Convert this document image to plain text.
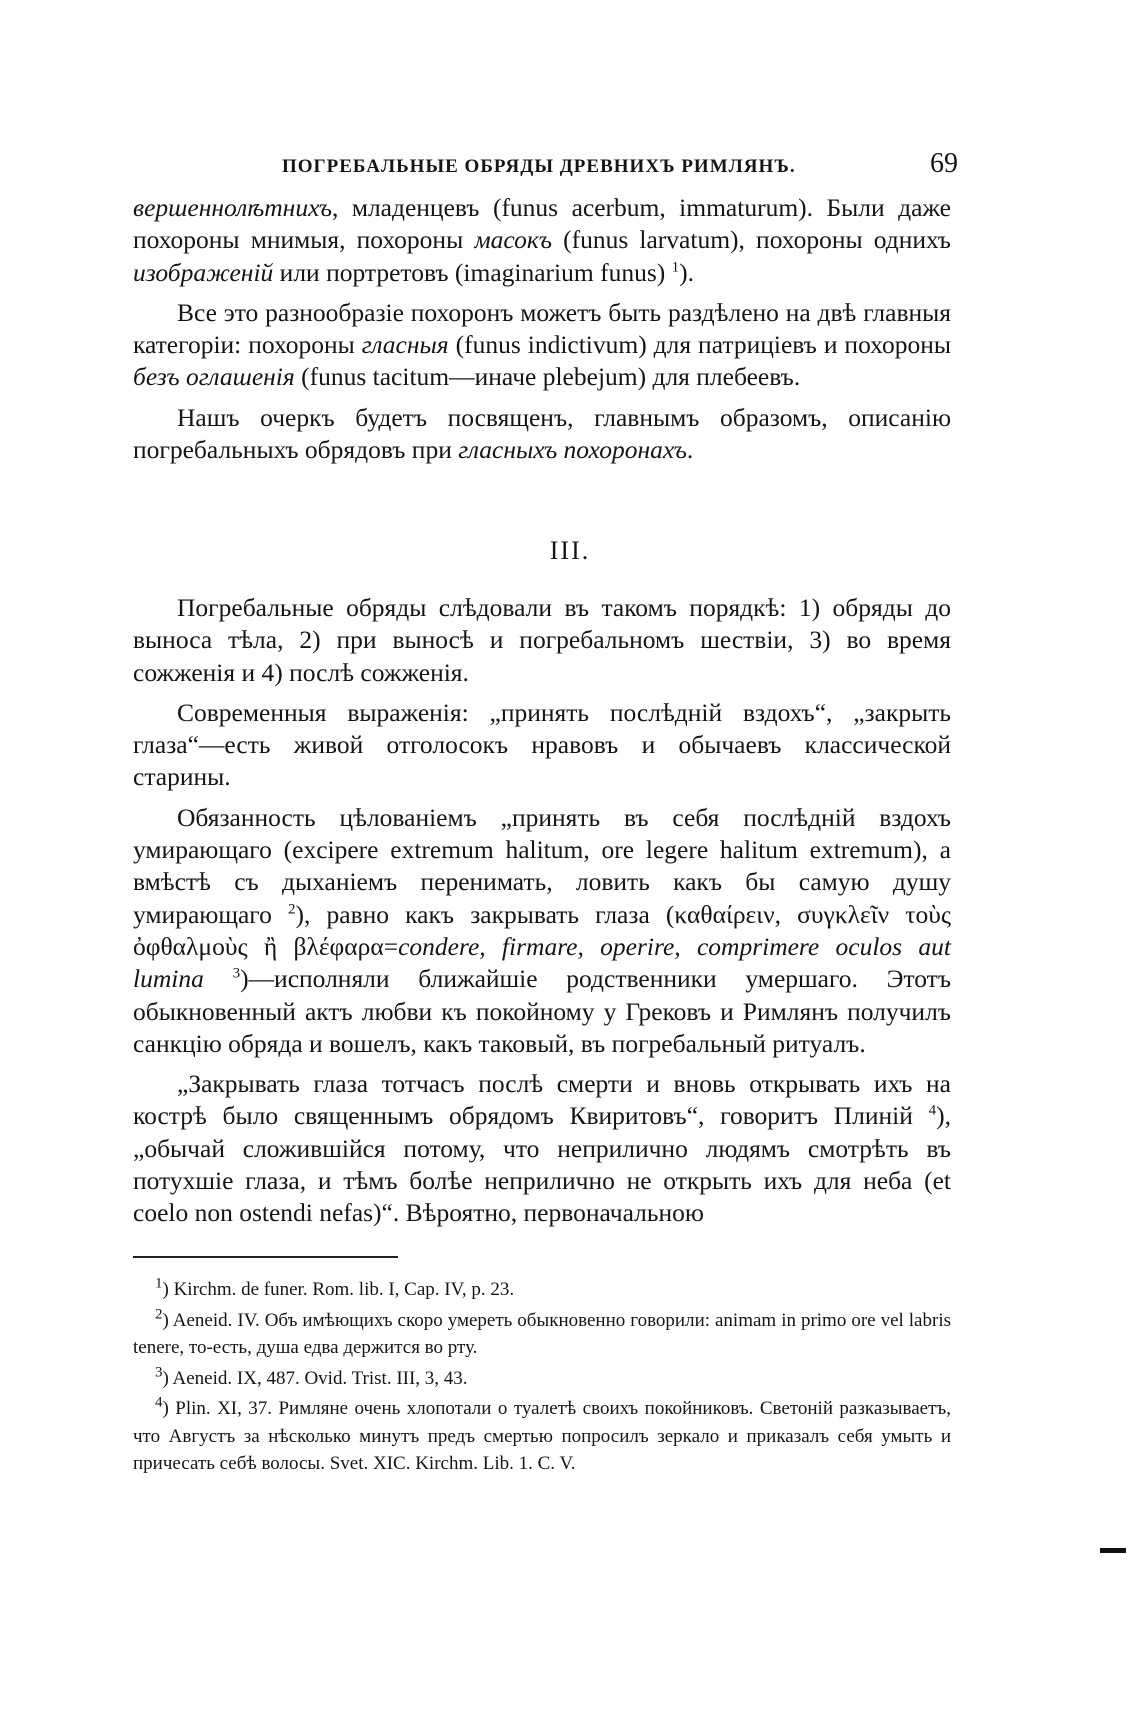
ПОГРЕБАЛЬНЫЕ ОБРЯДЫ ДРЕВНИХЪ РИМЛЯНЪ.	69

вершеннолѣтнихъ, младенцевъ (funus acerbum, immaturum). Были даже похороны мнимыя, похороны масокъ (funus larvatum), похороны однихъ изображеній или портретовъ (imaginarium funus) $^1$).

Все это разнообразіе похоронъ можетъ быть раздѣлено на двѣ главныя категоріи: похороны гласныя (funus indictivum) для патриціевъ и похороны безъ оглашенія (funus tacitum—иначе plebejum) для плебеевъ.

Нашъ очеркъ будетъ посвященъ, главнымъ образомъ, описанію погребальныхъ обрядовъ при гласныхъ похоронахъ.

III.

Погребальные обряды слѣдовали въ такомъ порядкѣ: 1) обряды до выноса тѣла, 2) при выносѣ и погребальномъ шествіи, 3) во время сожженія и 4) послѣ сожженія.

Современныя выраженія: „принять послѣдній вздохъ“, „закрыть глаза“—есть живой отголосокъ нравовъ и обычаевъ классической старины.

Обязанность цѣлованіемъ „принять въ себя послѣдній вздохъ умирающаго (excipere extremum halitum, ore legere halitum extremum), а вмѣстѣ съ дыханіемъ перенимать, ловить какъ бы самую душу умирающаго $^2$), равно какъ закрывать глаза (καθαίρειν, συγκλεῖν τοὺς ὀφθαλμοὺς ἢ βλέφαρα=condere, firmare, operire, comprimere oculos aut lumina $^3$)—исполняли ближайшіе родственники умершаго. Этотъ обыкновенный актъ любви къ покойному у Грековъ и Римлянъ получилъ санкцію обряда и вошелъ, какъ таковый, въ погребальный ритуалъ.

„Закрывать глаза тотчасъ послѣ смерти и вновь открывать ихъ на кострѣ было священнымъ обрядомъ Квиритовъ“, говоритъ Плиній $^4$), „обычай сложившійся потому, что неприлично людямъ смотрѣть въ потухшіе глаза, и тѣмъ болѣе неприлично не открыть ихъ для неба (et coelo non ostendi nefas)“. Вѣроятно, первоначальною

$^1$) Kirchm. de funer. Rom. lib. I, Cap. IV, p. 23.

$^2$) Aeneid. IV. Объ имѣющихъ скоро умереть обыкновенно говорили: animam in primo ore vel labris tenere, то-есть, душа едва держится во рту.

$^3$) Aeneid. IX, 487. Ovid. Trist. III, 3, 43.

$^4$) Plin. XI, 37. Римляне очень хлопотали о туалетѣ своихъ покойниковъ. Светоній разказываетъ, что Августъ за нѣсколько минутъ предъ смертью попросилъ зеркало и приказалъ себя умыть и причесать себѣ волосы. Svet. XIC. Kirchm. Lib. 1. C. V.
